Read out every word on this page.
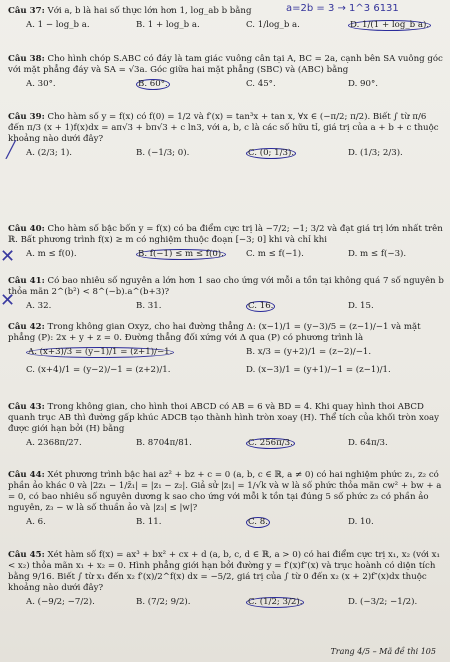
a=2b = 3 → 1^3 6131
Câu 37: Với a, b là hai số thực lớn hơn 1, log_ab b bằng
A. 1 − log_b a.	B. 1 + log_b a.	C. 1/log_b a.	D. 1/(1 + log_b a).
Câu 38: Cho hình chóp S.ABC có đáy là tam giác vuông cân tại A, BC = 2a, cạnh bên SA vuông góc với mặt phẳng đáy và SA = √3a. Góc giữa hai mặt phẳng (SBC) và (ABC) bằng
A. 30°.	B. 60°.	C. 45°.	D. 90°.
Câu 39: Cho hàm số y = f(x) có f(0) = 1/2 và f′(x) = tan³x + tan x, ∀x ∈ (−π/2; π/2). Biết ∫ từ π/6 đến π/3 (x + 1)f(x)dx = aπ√3 + bπ√3 + c ln3, với a, b, c là các số hữu tỉ, giá trị của a + b + c thuộc khoảng nào dưới đây?
A. (2/3; 1).	B. (−1/3; 0).	C. (0; 1/3).	D. (1/3; 2/3).
╱
Câu 40: Cho hàm số bậc bốn y = f(x) có ba điểm cực trị là −7/2; −1; 3/2 và đạt giá trị lớn nhất trên ℝ. Bất phương trình f(x) ≥ m có nghiệm thuộc đoạn [−3; 0] khi và chỉ khi
A. m ≤ f(0).	B. f(−1) ≤ m ≤ f(0).	C. m ≤ f(−1).	D. m ≤ f(−3).
✕
Câu 41: Có bao nhiêu số nguyên a lớn hơn 1 sao cho ứng với mỗi a tồn tại không quá 7 số nguyên b thỏa mãn 2^(b²) < 8^(−b).a^(b+3)?
A. 32.	B. 31.	C. 16.	D. 15.
✕
Câu 42: Trong không gian Oxyz, cho hai đường thẳng Δ: (x−1)/1 = (y−3)/5 = (z−1)/−1 và mặt phẳng (P): 2x + y + z = 0. Đường thẳng đối xứng với Δ qua (P) có phương trình là
A. (x+3)/3 = (y−1)/1 = (z+1)/−1.	B. x/3 = (y+2)/1 = (z−2)/−1.
C. (x+4)/1 = (y−2)/−1 = (z+2)/1.	D. (x−3)/1 = (y+1)/−1 = (z−1)/1.
Câu 43: Trong không gian, cho hình thoi ABCD có AB = 6 và BD = 4. Khi quay hình thoi ABCD quanh trục AB thì đường gấp khúc ADCB tạo thành hình tròn xoay (H). Thể tích của khối tròn xoay được giới hạn bởi (H) bằng
A. 2368π/27.	B. 8704π/81.	C. 256π/3.	D. 64π/3.
Câu 44: Xét phương trình bậc hai az² + bz + c = 0 (a, b, c ∈ ℝ, a ≠ 0) có hai nghiệm phức z₁, z₂ có phần ảo khác 0 và |2z₁ − 1/z̄₁| = |z₁ − z₂|. Giả sử |z₁| = 1/√k và w là số phức thỏa mãn cw² + bw + a = 0, có bao nhiêu số nguyên dương k sao cho ứng với mỗi k tồn tại đúng 5 số phức z₃ có phần ảo nguyên, z₃ − w là số thuần ảo và |z₃| ≤ |w|?
A. 6.	B. 11.	C. 8.	D. 10.
Câu 45: Xét hàm số f(x) = ax³ + bx² + cx + d (a, b, c, d ∈ ℝ, a > 0) có hai điểm cực trị x₁, x₂ (với x₁ < x₂) thỏa mãn x₁ + x₂ = 0. Hình phẳng giới hạn bởi đường y = f′(x)f″(x) và trục hoành có diện tích bằng 9/16. Biết ∫ từ x₁ đến x₂ f′(x)/2^f(x) dx = −5/2, giá trị của ∫ từ 0 đến x₂ (x + 2)f″(x)dx thuộc khoảng nào dưới đây?
A. (−9/2; −7/2).	B. (7/2; 9/2).	C. (1/2; 3/2).	D. (−3/2; −1/2).
Trang 4/5 – Mã đề thi 105
